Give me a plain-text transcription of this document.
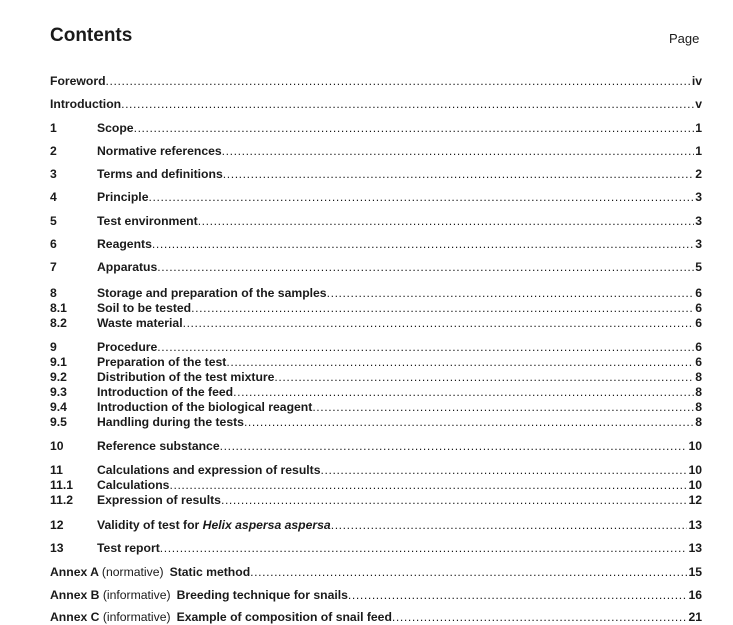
Contents	Page
Foreword .....	iv
Introduction .....	v
1	Scope .....	1
2	Normative references .....	1
3	Terms and definitions .....	2
4	Principle .....	3
5	Test environment .....	3
6	Reagents .....	3
7	Apparatus .....	5
8	Storage and preparation of the samples .....	6
8.1	Soil to be tested .....	6
8.2	Waste material .....	6
9	Procedure .....	6
9.1	Preparation of the test .....	6
9.2	Distribution of the test mixture .....	8
9.3	Introduction of the feed .....	8
9.4	Introduction of the biological reagent .....	8
9.5	Handling during the tests .....	8
10	Reference substance .....	10
11	Calculations and expression of results .....	10
11.1	Calculations .....	10
11.2	Expression of results .....	12
12	Validity of test for Helix aspersa aspersa .....	13
13	Test report .....	13
Annex A (normative) Static method .....	15
Annex B (informative) Breeding technique for snails .....	16
Annex C (informative) Example of composition of snail feed .....	21
